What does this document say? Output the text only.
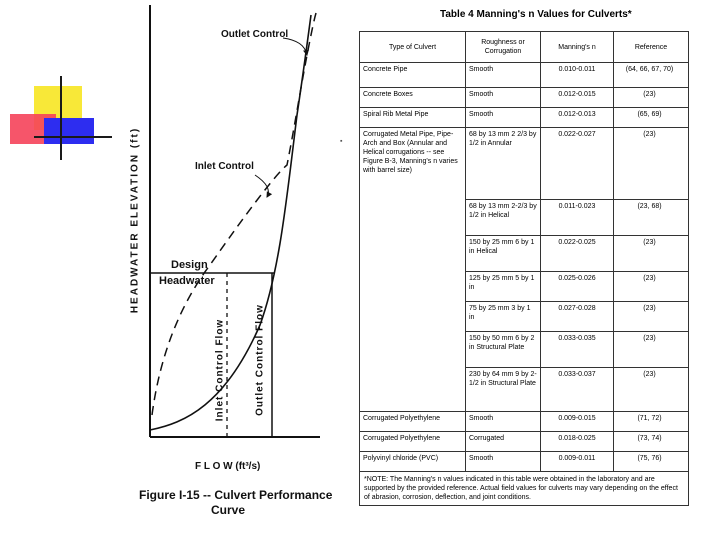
Outlet Control
Inlet Control
Design
Headwater
HEADWATER ELEVATION (ft)
Inlet Control Flow	Outlet Control Flow
F L O W (ft³/s)
Figure I-15 -- Culvert Performance
Curve
▪
Table 4 Manning's n Values for Culverts*
Type of Culvert	Roughness or Corrugation	Manning's n	Reference
Concrete Pipe	Smooth	0.010-0.011	(64, 66, 67, 70)
Concrete Boxes	Smooth	0.012-0.015	(23)
Spiral Rib Metal Pipe	Smooth	0.012-0.013	(65, 69)
Corrugated Metal Pipe, Pipe-Arch and Box (Annular and Helical corrugations -- see Figure B-3, Manning's n varies with barrel size)	68 by 13 mm 2 2/3 by 1/2 in Annular	0.022-0.027	(23)
	68 by 13 mm 2-2/3 by 1/2 in Helical	0.011-0.023	(23, 68)
	150 by 25 mm 6 by 1 in Helical	0.022-0.025	(23)
	125 by 25 mm 5 by 1 in	0.025-0.026	(23)
	75 by 25 mm 3 by 1 in	0.027-0.028	(23)
	150 by 50 mm 6 by 2 in Structural Plate	0.033-0.035	(23)
	230 by 64 mm 9 by 2-1/2 in Structural Plate	0.033-0.037	(23)
Corrugated Polyethylene	Smooth	0.009-0.015	(71, 72)
Corrugated Polyethylene	Corrugated	0.018-0.025	(73, 74)
Polyvinyl chloride (PVC)	Smooth	0.009-0.011	(75, 76)
*NOTE: The Manning's n values indicated in this table were obtained in the laboratory and are supported by the provided reference. Actual field values for culverts may vary depending on the effect of abrasion, corrosion, deflection, and joint conditions.			
